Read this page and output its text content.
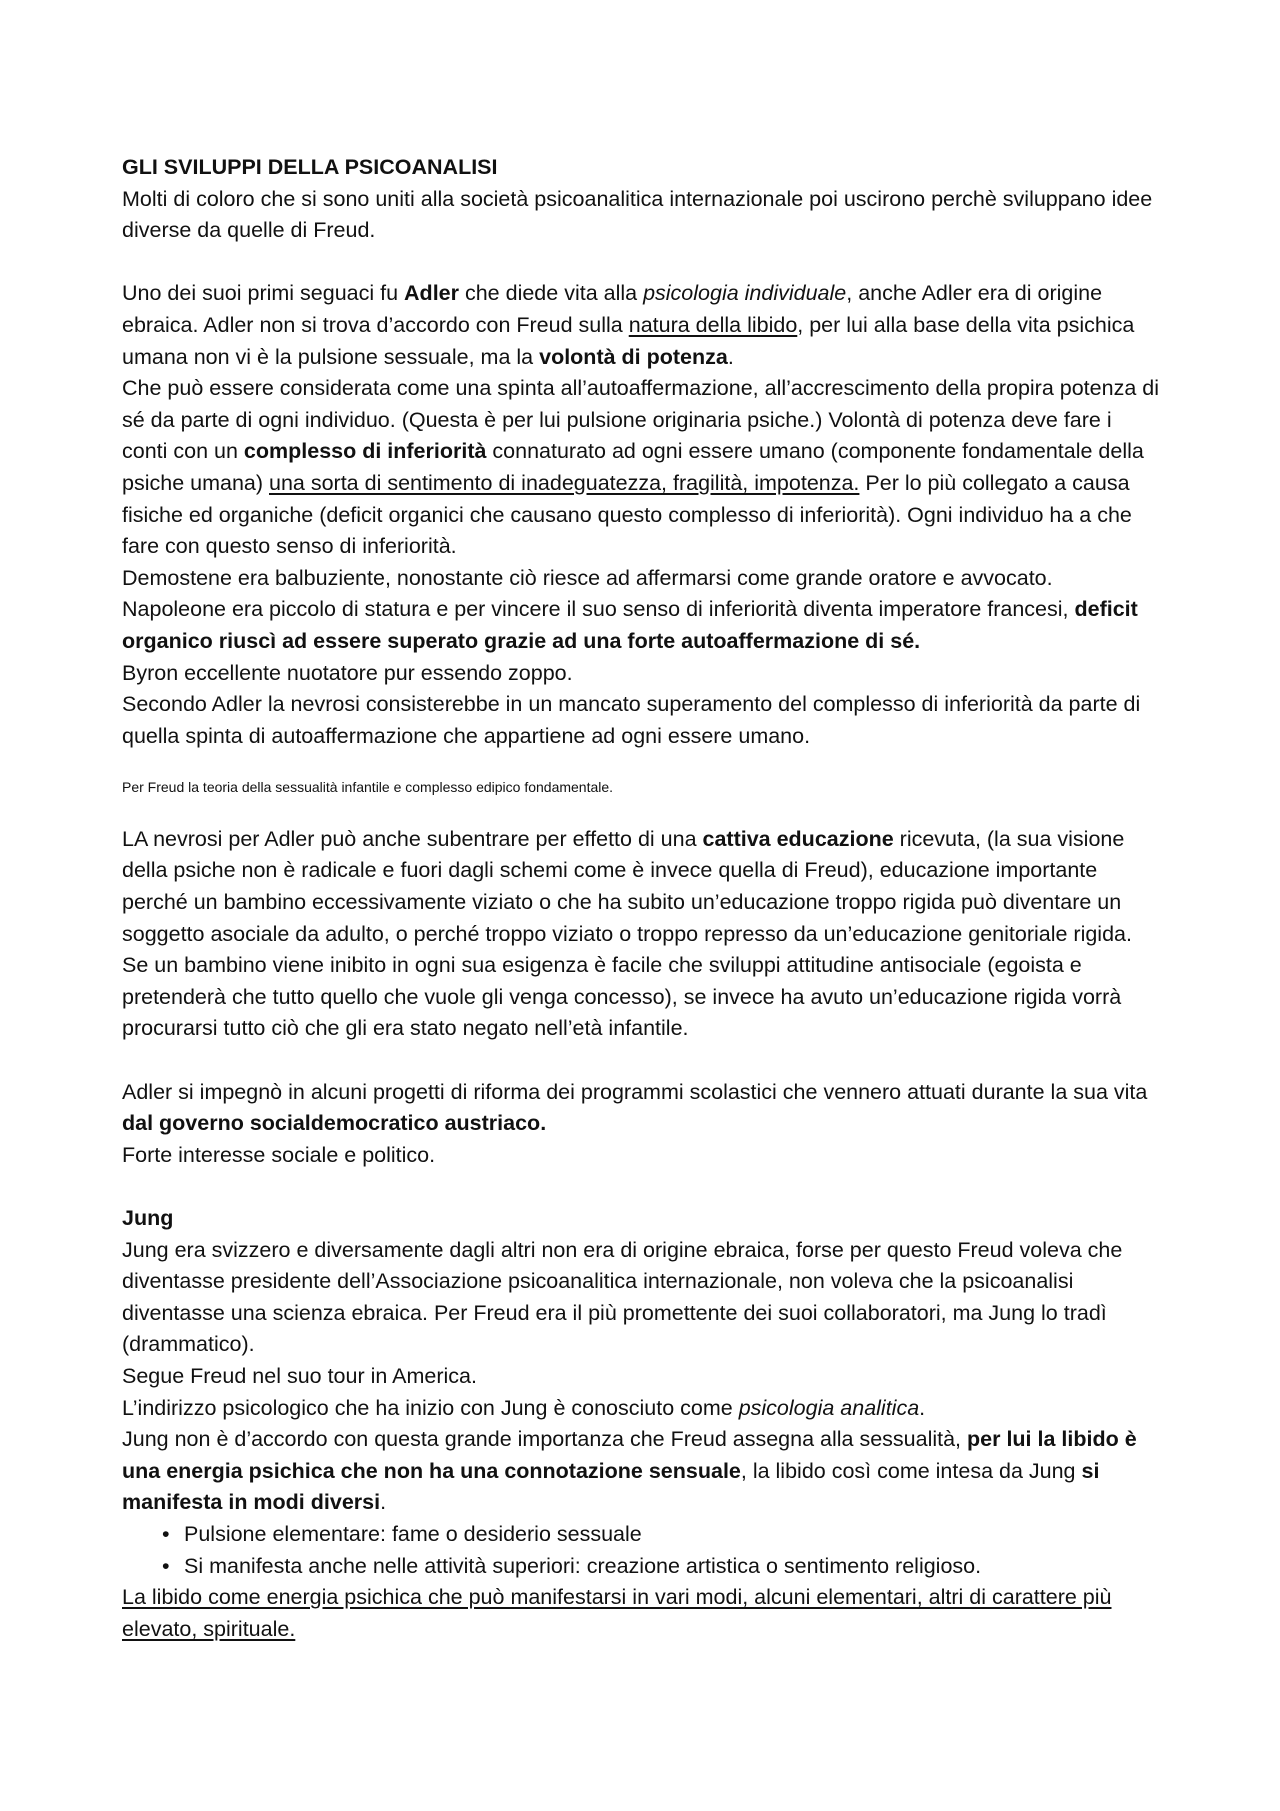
GLI SVILUPPI DELLA PSICOANALISI

Molti di coloro che si sono uniti alla società psicoanalitica internazionale poi uscirono perchè sviluppano idee diverse da quelle di Freud.

Uno dei suoi primi seguaci fu Adler che diede vita alla psicologia individuale, anche Adler era di origine ebraica. Adler non si trova d’accordo con Freud sulla natura della libido, per lui alla base della vita psichica umana non vi è la pulsione sessuale, ma la volontà di potenza.

Che può essere considerata come una spinta all’autoaffermazione, all’accrescimento della propira potenza di sé da parte di ogni individuo. (Questa è per lui pulsione originaria psiche.) Volontà di potenza deve fare i conti con un complesso di inferiorità connaturato ad ogni essere umano (componente fondamentale della psiche umana) una sorta di sentimento di inadeguatezza, fragilità, impotenza. Per lo più collegato a causa fisiche ed organiche (deficit organici che causano questo complesso di inferiorità). Ogni individuo ha a che fare con questo senso di inferiorità.

Demostene era balbuziente, nonostante ciò riesce ad affermarsi come grande oratore e avvocato.

Napoleone era piccolo di statura e per vincere il suo senso di inferiorità diventa imperatore francesi, deficit organico riuscì ad essere superato grazie ad una forte autoaffermazione di sé.

Byron eccellente nuotatore pur essendo zoppo.

Secondo Adler la nevrosi consisterebbe in un mancato superamento del complesso di inferiorità da parte di quella spinta di autoaffermazione che appartiene ad ogni essere umano.

Per Freud la teoria della sessualità infantile e complesso edipico fondamentale.

LA nevrosi per Adler può anche subentrare per effetto di una cattiva educazione ricevuta, (la sua visione della psiche non è radicale e fuori dagli schemi come è invece quella di Freud), educazione importante perché un bambino eccessivamente viziato o che ha subito un’educazione troppo rigida può diventare un soggetto asociale da adulto, o perché troppo viziato o troppo represso da un’educazione genitoriale rigida.

Se un bambino viene inibito in ogni sua esigenza è facile che sviluppi attitudine antisociale (egoista e pretenderà che tutto quello che vuole gli venga concesso), se invece ha avuto un’educazione rigida vorrà procurarsi tutto ciò che gli era stato negato nell’età infantile.

Adler si impegnò in alcuni progetti di riforma dei programmi scolastici che vennero attuati durante la sua vita dal governo socialdemocratico austriaco.

Forte interesse sociale e politico.

Jung

Jung era svizzero e diversamente dagli altri non era di origine ebraica, forse per questo Freud voleva che diventasse presidente dell’Associazione psicoanalitica internazionale, non voleva che la psicoanalisi diventasse una scienza ebraica. Per Freud era il più promettente dei suoi collaboratori, ma Jung lo tradì (drammatico).

Segue Freud nel suo tour in America.

L’indirizzo psicologico che ha inizio con Jung è conosciuto come psicologia analitica.

Jung non è d’accordo con questa grande importanza che Freud assegna alla sessualità, per lui la libido è una energia psichica che non ha una connotazione sensuale, la libido così come intesa da Jung si manifesta in modi diversi.

• Pulsione elementare: fame o desiderio sessuale
• Si manifesta anche nelle attività superiori: creazione artistica o sentimento religioso.

La libido come energia psichica che può manifestarsi in vari modi, alcuni elementari, altri di carattere più elevato, spirituale.
